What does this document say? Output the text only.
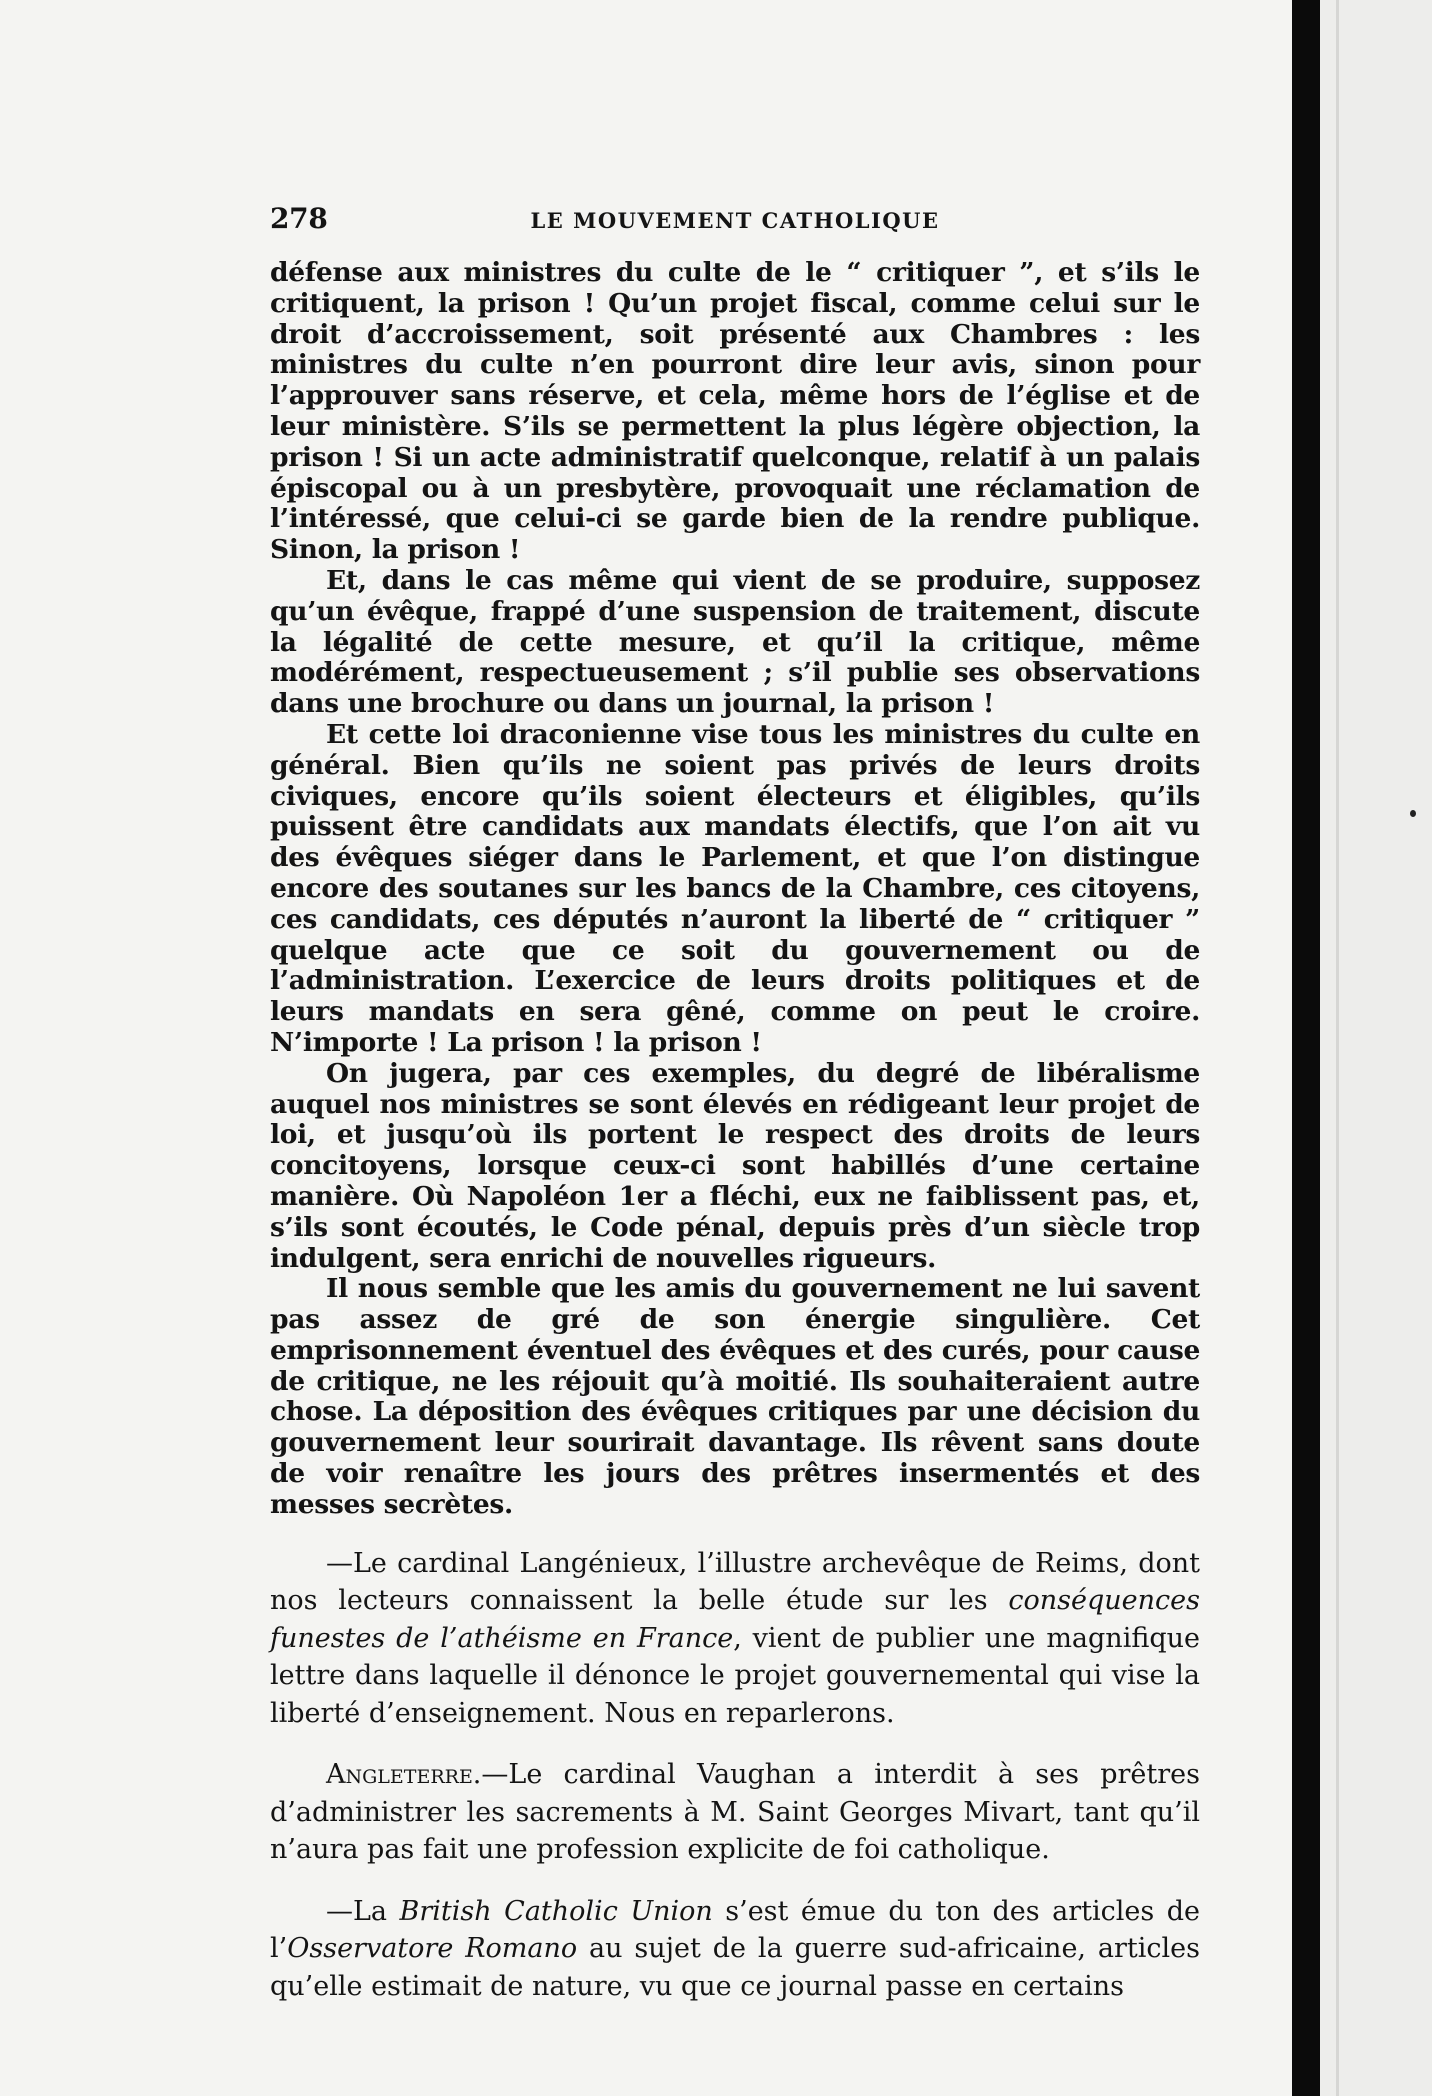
278	LE MOUVEMENT CATHOLIQUE

défense aux ministres du culte de le “ critiquer ”, et s’ils le critiquent, la prison ! Qu’un projet fiscal, comme celui sur le droit d’accroissement, soit présenté aux Chambres : les ministres du culte n’en pourront dire leur avis, sinon pour l’approuver sans réserve, et cela, même hors de l’église et de leur ministère. S’ils se permettent la plus légère objection, la prison ! Si un acte administratif quelconque, relatif à un palais épiscopal ou à un presbytère, provoquait une réclamation de l’intéressé, que celui-ci se garde bien de la rendre publique. Sinon, la prison !

Et, dans le cas même qui vient de se produire, supposez qu’un évêque, frappé d’une suspension de traitement, discute la légalité de cette mesure, et qu’il la critique, même modérément, respectueusement ; s’il publie ses observations dans une brochure ou dans un journal, la prison !

Et cette loi draconienne vise tous les ministres du culte en général. Bien qu’ils ne soient pas privés de leurs droits civiques, encore qu’ils soient électeurs et éligibles, qu’ils puissent être candidats aux mandats électifs, que l’on ait vu des évêques siéger dans le Parlement, et que l’on distingue encore des soutanes sur les bancs de la Chambre, ces citoyens, ces candidats, ces députés n’auront la liberté de “ critiquer ” quelque acte que ce soit du gouvernement ou de l’administration. L’exercice de leurs droits politiques et de leurs mandats en sera gêné, comme on peut le croire. N’importe ! La prison ! la prison !

On jugera, par ces exemples, du degré de libéralisme auquel nos ministres se sont élevés en rédigeant leur projet de loi, et jusqu’où ils portent le respect des droits de leurs concitoyens, lorsque ceux-ci sont habillés d’une certaine manière. Où Napoléon 1er a fléchi, eux ne faiblissent pas, et, s’ils sont écoutés, le Code pénal, depuis près d’un siècle trop indulgent, sera enrichi de nouvelles rigueurs.

Il nous semble que les amis du gouvernement ne lui savent pas assez de gré de son énergie singulière. Cet emprisonnement éventuel des évêques et des curés, pour cause de critique, ne les réjouit qu’à moitié. Ils souhaiteraient autre chose. La déposition des évêques critiques par une décision du gouvernement leur sourirait davantage. Ils rêvent sans doute de voir renaître les jours des prêtres insermentés et des messes secrètes.

—Le cardinal Langénieux, l’illustre archevêque de Reims, dont nos lecteurs connaissent la belle étude sur les conséquences funestes de l’athéisme en France, vient de publier une magnifique lettre dans laquelle il dénonce le projet gouvernemental qui vise la liberté d’enseignement. Nous en reparlerons.

Angleterre.—Le cardinal Vaughan a interdit à ses prêtres d’administrer les sacrements à M. Saint Georges Mivart, tant qu’il n’aura pas fait une profession explicite de foi catholique.

—La British Catholic Union s’est émue du ton des articles de l’Osservatore Romano au sujet de la guerre sud-africaine, articles qu’elle estimait de nature, vu que ce journal passe en certains
